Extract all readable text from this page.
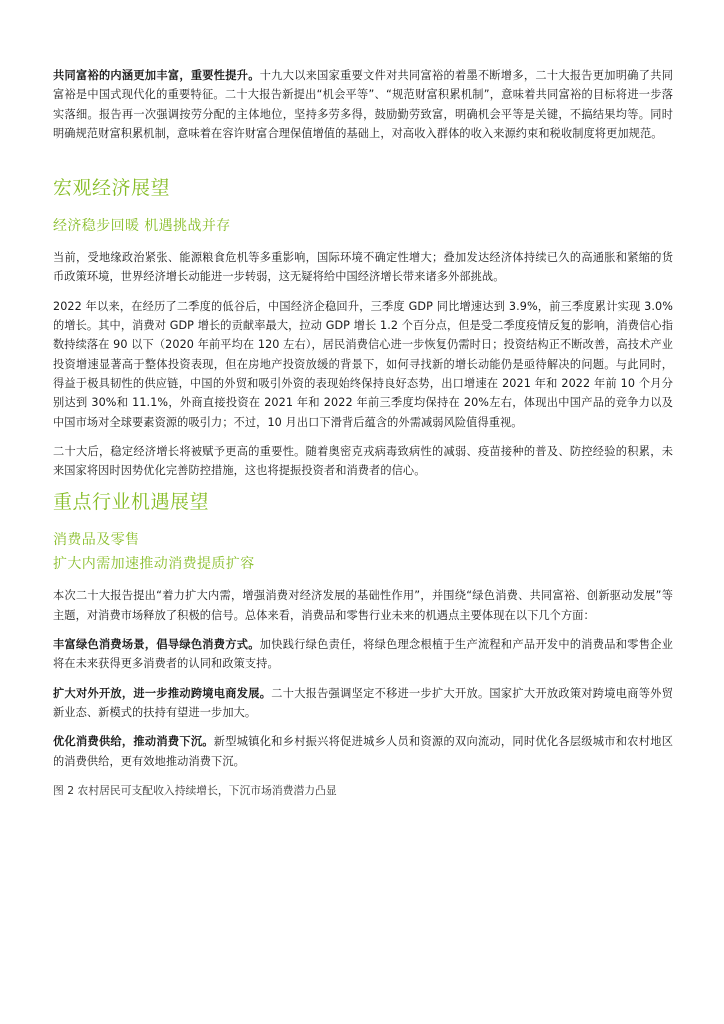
共同富裕的内涵更加丰富，重要性提升。十九大以来国家重要文件对共同富裕的着墨不断增多，二十大报告更加明确了共同富裕是中国式现代化的重要特征。二十大报告新提出“机会平等”、“规范财富积累机制”，意味着共同富裕的目标将进一步落实落细。报告再一次强调按劳分配的主体地位，坚持多劳多得，鼓励勤劳致富，明确机会平等是关键，不搞结果均等。同时明确规范财富积累机制，意味着在容许财富合理保值增值的基础上，对高收入群体的收入来源约束和税收制度将更加规范。

宏观经济展望
经济稳步回暖 机遇挑战并存

当前，受地缘政治紧张、能源粮食危机等多重影响，国际环境不确定性增大；叠加发达经济体持续已久的高通胀和紧缩的货币政策环境，世界经济增长动能进一步转弱，这无疑将给中国经济增长带来诸多外部挑战。

2022 年以来，在经历了二季度的低谷后，中国经济企稳回升，三季度 GDP 同比增速达到 3.9%，前三季度累计实现 3.0%的增长。其中，消费对 GDP 增长的贡献率最大，拉动 GDP 增长 1.2 个百分点，但是受二季度疫情反复的影响，消费信心指数持续落在 90 以下（2020 年前平均在 120 左右），居民消费信心进一步恢复仍需时日；投资结构正不断改善，高技术产业投资增速显著高于整体投资表现，但在房地产投资放缓的背景下，如何寻找新的增长动能仍是亟待解决的问题。与此同时，得益于极具韧性的供应链，中国的外贸和吸引外资的表现始终保持良好态势，出口增速在 2021 年和 2022 年前 10 个月分别达到 30%和 11.1%，外商直接投资在 2021 年和 2022 年前三季度均保持在 20%左右，体现出中国产品的竞争力以及中国市场对全球要素资源的吸引力；不过，10 月出口下滑背后蕴含的外需减弱风险值得重视。

二十大后，稳定经济增长将被赋予更高的重要性。随着奥密克戎病毒致病性的减弱、疫苗接种的普及、防控经验的积累，未来国家将因时因势优化完善防控措施，这也将提振投资者和消费者的信心。

重点行业机遇展望
消费品及零售
扩大内需加速推动消费提质扩容

本次二十大报告提出“着力扩大内需，增强消费对经济发展的基础性作用”，并围绕“绿色消费、共同富裕、创新驱动发展”等主题，对消费市场释放了积极的信号。总体来看，消费品和零售行业未来的机遇点主要体现在以下几个方面：

丰富绿色消费场景，倡导绿色消费方式。加快践行绿色责任，将绿色理念根植于生产流程和产品开发中的消费品和零售企业将在未来获得更多消费者的认同和政策支持。

扩大对外开放，进一步推动跨境电商发展。二十大报告强调坚定不移进一步扩大开放。国家扩大开放政策对跨境电商等外贸新业态、新模式的扶持有望进一步加大。

优化消费供给，推动消费下沉。新型城镇化和乡村振兴将促进城乡人员和资源的双向流动，同时优化各层级城市和农村地区的消费供给，更有效地推动消费下沉。

图 2 农村居民可支配收入持续增长，下沉市场消费潜力凸显
